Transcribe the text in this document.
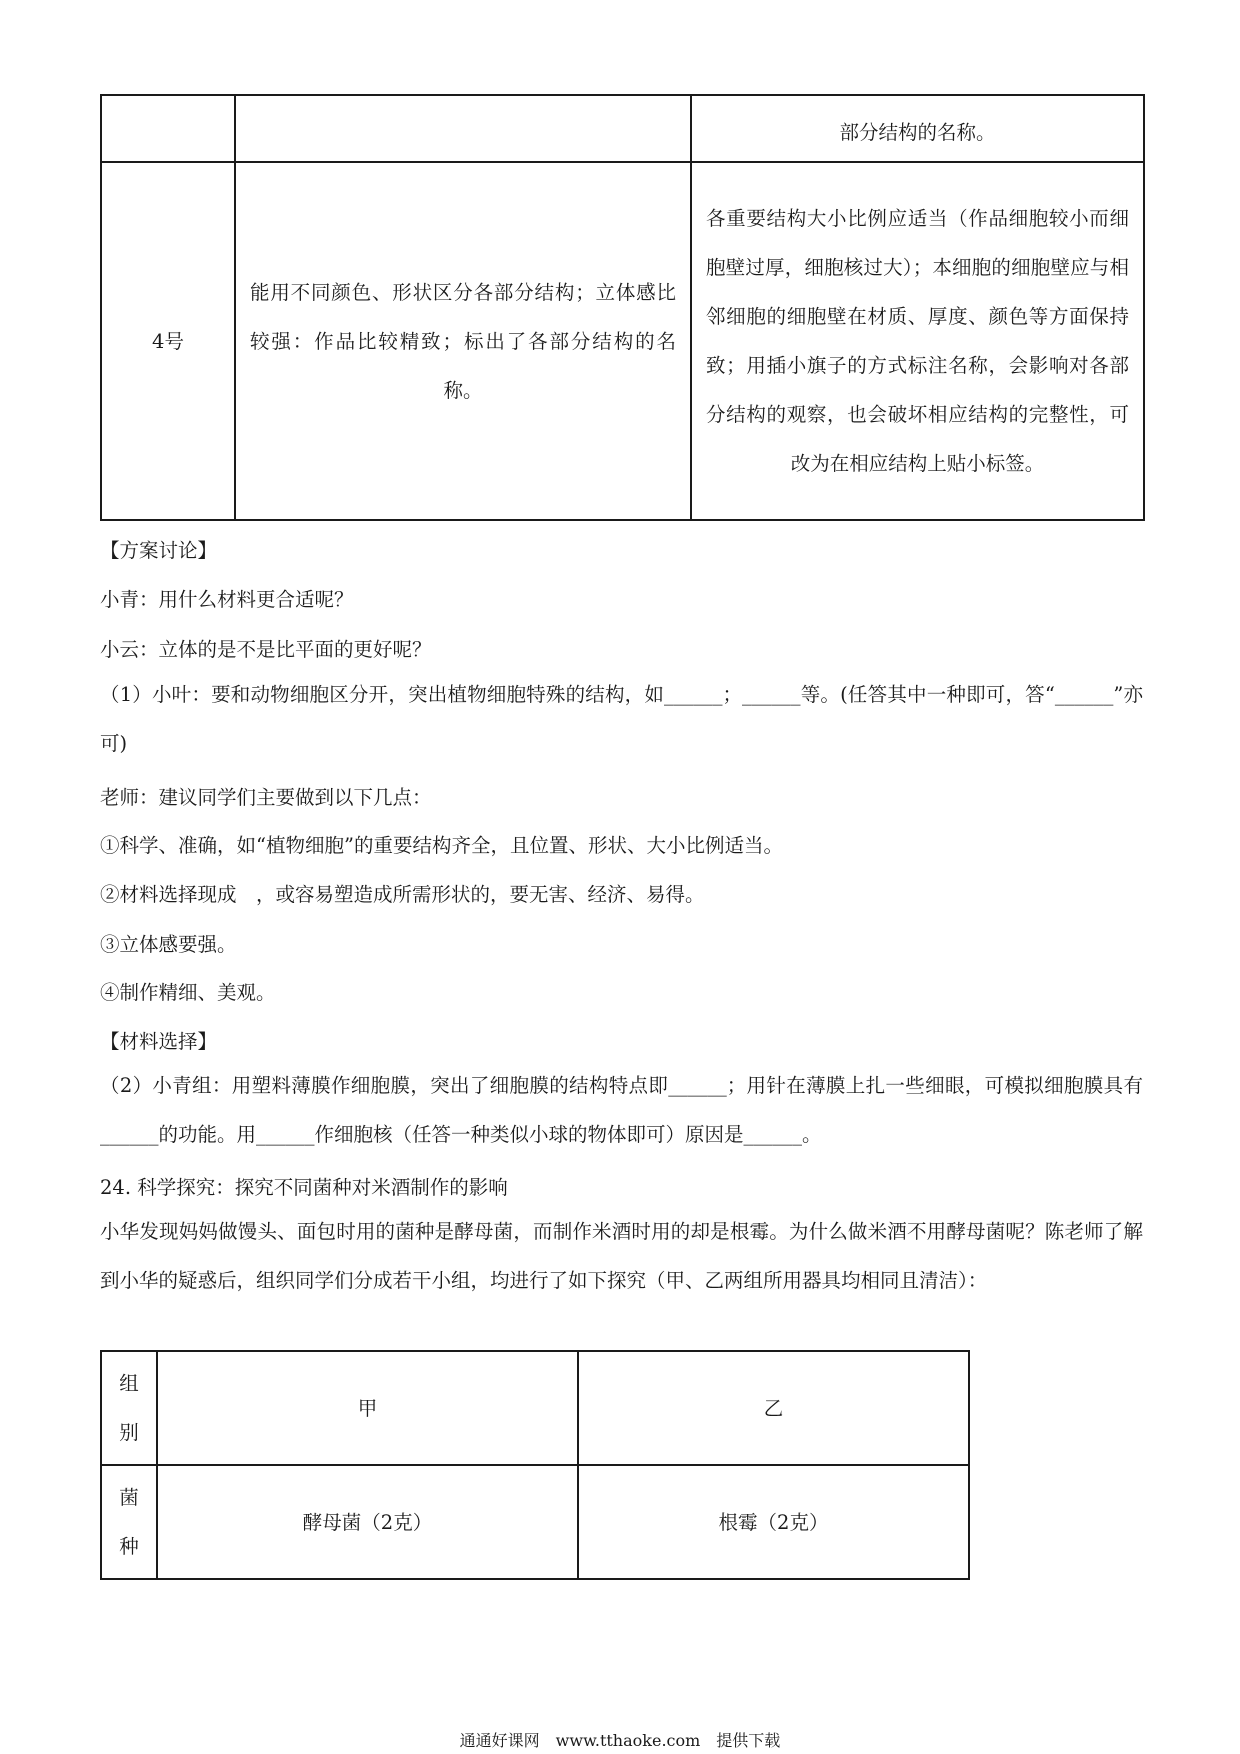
		部分结构的名称。
4号	能用不同颜色、形状区分各部分结构；立体感比较强：作品比较精致；标出了各部分结构的名称。	各重要结构大小比例应适当（作品细胞较小而细胞壁过厚，细胞核过大）；本细胞的细胞壁应与相邻细胞的细胞壁在材质、厚度、颜色等方面保持致；用插小旗子的方式标注名称，会影响对各部分结构的观察，也会破坏相应结构的完整性，可改为在相应结构上贴小标签。
【方案讨论】
小青：用什么材料更合适呢？
小云：立体的是不是比平面的更好呢？
（1）小叶：要和动物细胞区分开，突出植物细胞特殊的结构，如______；______等。(任答其中一种即可，答“______”亦可)
老师：建议同学们主要做到以下几点：
①科学、准确，如“植物细胞”的重要结构齐全，且位置、形状、大小比例适当。
②材料选择现成　，或容易塑造成所需形状的，要无害、经济、易得。
③立体感要强。
④制作精细、美观。
【材料选择】
（2）小青组：用塑料薄膜作细胞膜，突出了细胞膜的结构特点即______；用针在薄膜上扎一些细眼，可模拟细胞膜具有______的功能。用______作细胞核（任答一种类似小球的物体即可）原因是______。
24. 科学探究：探究不同菌种对米酒制作的影响
小华发现妈妈做馒头、面包时用的菌种是酵母菌，而制作米酒时用的却是根霉。为什么做米酒不用酵母菌呢？陈老师了解到小华的疑惑后，组织同学们分成若干小组，均进行了如下探究（甲、乙两组所用器具均相同且清洁）：
组别	甲	乙

菌种	酵母菌（2克）	根霉（2克）
通通好课网　www.tthaoke.com　提供下载
